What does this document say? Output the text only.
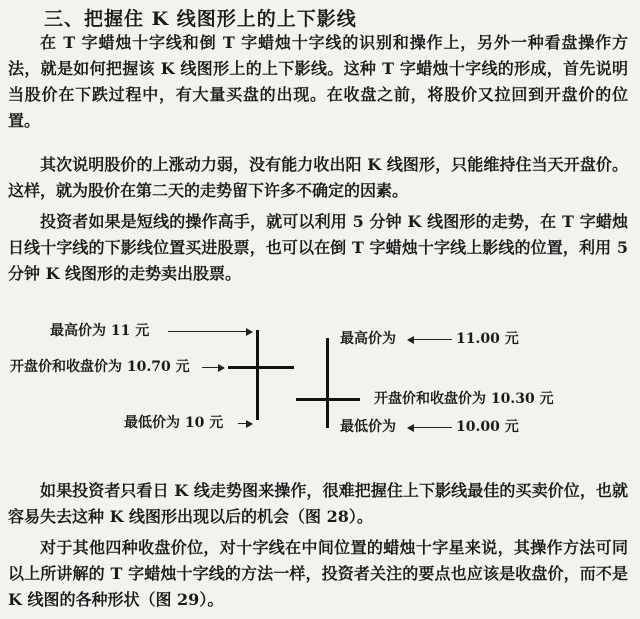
三、把握住 K 线图形上的上下影线

在 T 字蜡烛十字线和倒 T 字蜡烛十字线的识别和操作上，另外一种看盘操作方法，就是如何把握该 K 线图形上的上下影线。这种 T 字蜡烛十字线的形成，首先说明当股价在下跌过程中，有大量买盘的出现。在收盘之前，将股价又拉回到开盘价的位置。

其次说明股价的上涨动力弱，没有能力收出阳 K 线图形，只能维持住当天开盘价。这样，就为股价在第二天的走势留下许多不确定的因素。

投资者如果是短线的操作高手，就可以利用 5 分钟 K 线图形的走势，在 T 字蜡烛日线十字线的下影线位置买进股票，也可以在倒 T 字蜡烛十字线上影线的位置，利用 5 分钟 K 线图形的走势卖出股票。

最高价为 11 元
开盘价和收盘价为 10.70 元
最低价为 10 元
最高价为	11.00 元
开盘价和收盘价为 10.30 元
最低价为	10.00 元

如果投资者只看日 K 线走势图来操作，很难把握住上下影线最佳的买卖价位，也就容易失去这种 K 线图形出现以后的机会（图 28）。

对于其他四种收盘价位，对十字线在中间位置的蜡烛十字星来说，其操作方法可同以上所讲解的 T 字蜡烛十字线的方法一样，投资者关注的要点也应该是收盘价，而不是 K 线图的各种形状（图 29）。
